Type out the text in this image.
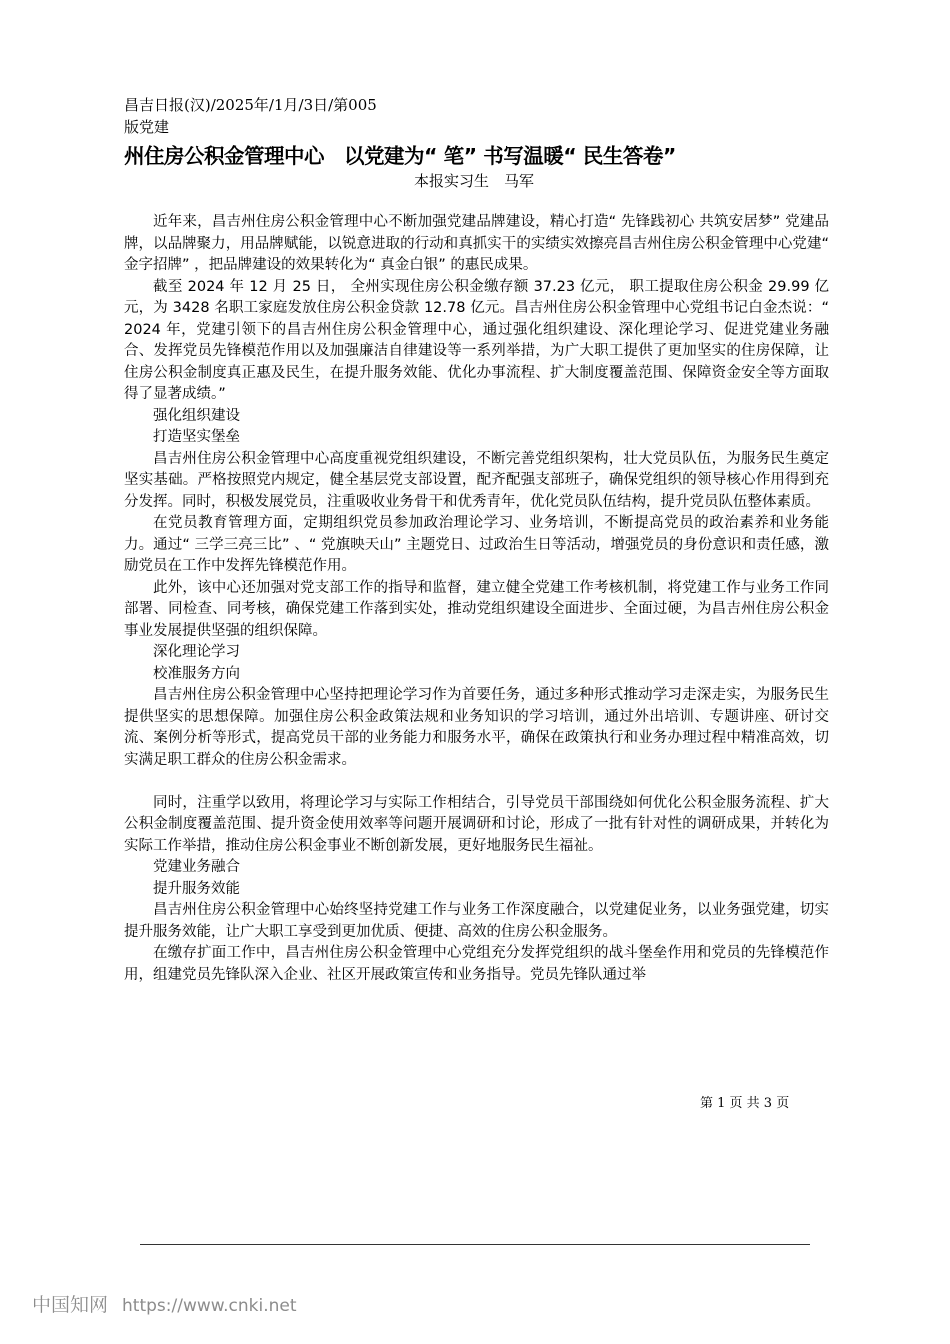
昌吉日报(汉)/2025年/1月/3日/第005
版党建
州住房公积金管理中心　以党建为“ 笔” 书写温暖“ 民生答卷”
本报实习生　马军

近年来，昌吉州住房公积金管理中心不断加强党建品牌建设，精心打造“ 先锋践初心 共筑安居梦” 党建品牌，以品牌聚力，用品牌赋能，以锐意进取的行动和真抓实干的实绩实效擦亮昌吉州住房公积金管理中心党建“ 金字招牌” ，把品牌建设的效果转化为“ 真金白银” 的惠民成果。

截至 2024 年 12 月 25 日， 全州实现住房公积金缴存额 37.23 亿元， 职工提取住房公积金 29.99 亿元，为 3428 名职工家庭发放住房公积金贷款 12.78 亿元。昌吉州住房公积金管理中心党组书记白金杰说：“ 2024 年，党建引领下的昌吉州住房公积金管理中心，通过强化组织建设、深化理论学习、促进党建业务融合、发挥党员先锋模范作用以及加强廉洁自律建设等一系列举措，为广大职工提供了更加坚实的住房保障，让住房公积金制度真正惠及民生，在提升服务效能、优化办事流程、扩大制度覆盖范围、保障资金安全等方面取得了显著成绩。”

强化组织建设

打造坚实堡垒

昌吉州住房公积金管理中心高度重视党组织建设，不断完善党组织架构，壮大党员队伍，为服务民生奠定坚实基础。严格按照党内规定，健全基层党支部设置，配齐配强支部班子，确保党组织的领导核心作用得到充分发挥。同时，积极发展党员，注重吸收业务骨干和优秀青年，优化党员队伍结构，提升党员队伍整体素质。

在党员教育管理方面，定期组织党员参加政治理论学习、业务培训，不断提高党员的政治素养和业务能力。通过“ 三学三亮三比” 、“ 党旗映天山” 主题党日、过政治生日等活动，增强党员的身份意识和责任感，激励党员在工作中发挥先锋模范作用。

此外，该中心还加强对党支部工作的指导和监督，建立健全党建工作考核机制，将党建工作与业务工作同部署、同检查、同考核，确保党建工作落到实处，推动党组织建设全面进步、全面过硬，为昌吉州住房公积金事业发展提供坚强的组织保障。

深化理论学习

校准服务方向

昌吉州住房公积金管理中心坚持把理论学习作为首要任务，通过多种形式推动学习走深走实，为服务民生提供坚实的思想保障。加强住房公积金政策法规和业务知识的学习培训，通过外出培训、专题讲座、研讨交流、案例分析等形式，提高党员干部的业务能力和服务水平，确保在政策执行和业务办理过程中精准高效，切实满足职工群众的住房公积金需求。

同时，注重学以致用，将理论学习与实际工作相结合，引导党员干部围绕如何优化公积金服务流程、扩大公积金制度覆盖范围、提升资金使用效率等问题开展调研和讨论，形成了一批有针对性的调研成果，并转化为实际工作举措，推动住房公积金事业不断创新发展，更好地服务民生福祉。

党建业务融合

提升服务效能

昌吉州住房公积金管理中心始终坚持党建工作与业务工作深度融合，以党建促业务，以业务强党建，切实提升服务效能，让广大职工享受到更加优质、便捷、高效的住房公积金服务。

在缴存扩面工作中，昌吉州住房公积金管理中心党组充分发挥党组织的战斗堡垒作用和党员的先锋模范作用，组建党员先锋队深入企业、社区开展政策宣传和业务指导。党员先锋队通过举

第 1 页 共 3 页
中国知网 https://www.cnki.net
